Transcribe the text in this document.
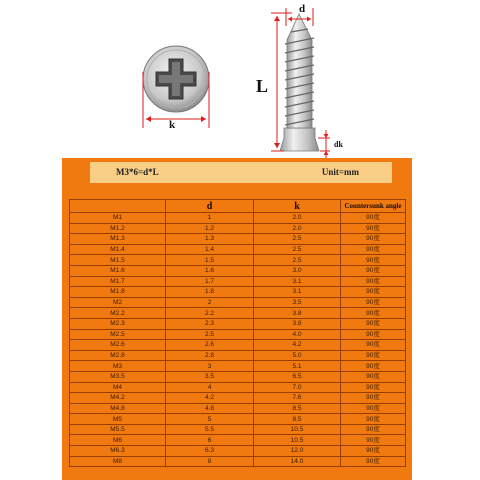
k
d
L
dk
M3*6=d*L	Unit=mm
	d	k	Countersunk angle
M1	1	2.0	90度
M1.2	1.2	2.0	90度
M1.3	1.3	2.5	90度
M1.4	1.4	2.5	90度
M1.5	1.5	2.5	90度
M1.6	1.6	3.0	90度
M1.7	1.7	3.1	90度
M1.8	1.8	3.1	90度
M2	2	3.5	90度
M2.2	2.2	3.8	90度
M2.3	2.3	3.8	90度
M2.5	2.5	4.0	90度
M2.6	2.6	4.2	90度
M2.8	2.8	5.0	90度
M3	3	5.1	90度
M3.5	3.5	6.5	90度
M4	4	7.0	90度
M4.2	4.2	7.6	90度
M4.8	4.8	8.5	90度
M5	5	8.5	90度
M5.5	5.5	10.5	90度
M6	6	10.5	90度
M6.3	6.3	12.0	90度
M8	8	14.0	90度
